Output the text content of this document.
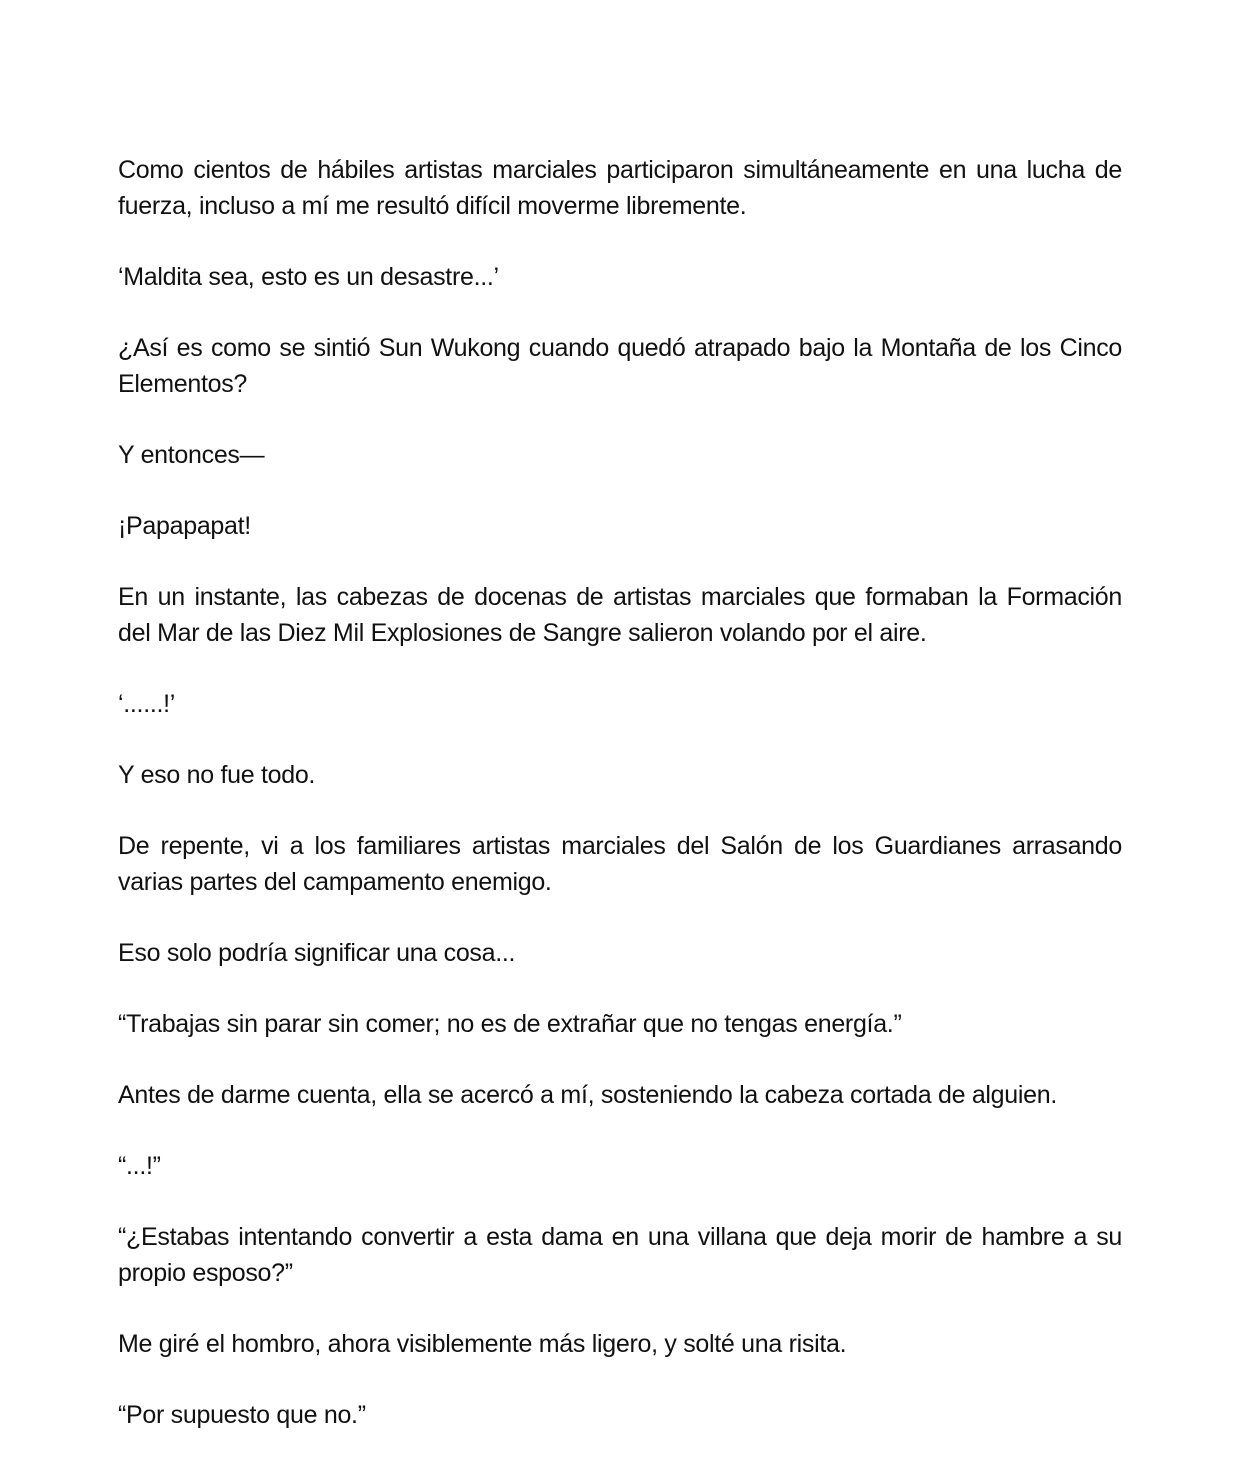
Como cientos de hábiles artistas marciales participaron simultáneamente en una lucha de fuerza, incluso a mí me resultó difícil moverme libremente.

‘Maldita sea, esto es un desastre...’

¿Así es como se sintió Sun Wukong cuando quedó atrapado bajo la Montaña de los Cinco Elementos?

Y entonces—

¡Papapapat!

En un instante, las cabezas de docenas de artistas marciales que formaban la Formación del Mar de las Diez Mil Explosiones de Sangre salieron volando por el aire.

‘......!’

Y eso no fue todo.

De repente, vi a los familiares artistas marciales del Salón de los Guardianes arrasando varias partes del campamento enemigo.

Eso solo podría significar una cosa...

“Trabajas sin parar sin comer; no es de extrañar que no tengas energía.”

Antes de darme cuenta, ella se acercó a mí, sosteniendo la cabeza cortada de alguien.

“...!”

“¿Estabas intentando convertir a esta dama en una villana que deja morir de hambre a su propio esposo?”

Me giré el hombro, ahora visiblemente más ligero, y solté una risita.

“Por supuesto que no.”
